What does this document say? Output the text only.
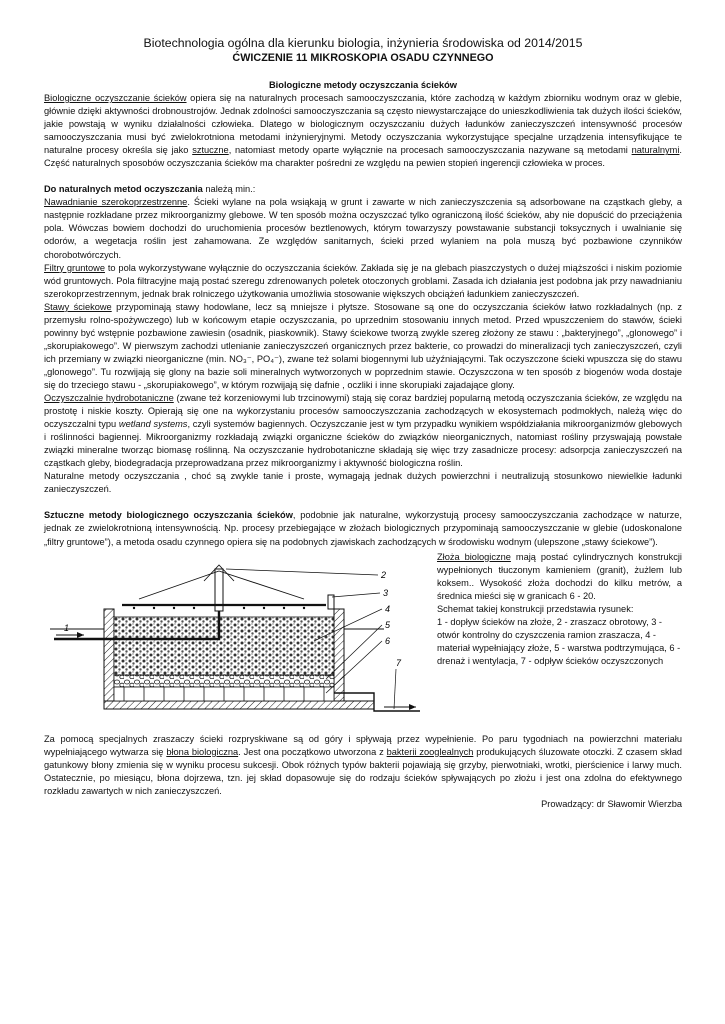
Biotechnologia ogólna dla kierunku biologia, inżynieria środowiska od 2014/2015
ĆWICZENIE 11 MIKROSKOPIA OSADU CZYNNEGO
Biologiczne metody oczyszczania ścieków

Biologiczne oczyszczanie ścieków opiera się na naturalnych procesach samooczyszczania, które zachodzą w każdym zbiorniku wodnym oraz w glebie, głównie dzięki aktywności drobnoustrojów. Jednak zdolności samooczyszczania są często niewystarczające do unieszkodliwienia tak dużych ilości ścieków, jakie powstają w wyniku działalności człowieka. Dlatego w biologicznym oczyszczaniu dużych ładunków zanieczyszczeń intensywność procesów samooczyszczania musi być zwielokrotniona metodami inżynieryjnymi. Metody oczyszczania wykorzystujące specjalne urządzenia intensyfikujące te naturalne procesy określa się jako sztuczne, natomiast metody oparte wyłącznie na procesach samooczyszczania nazywane są metodami naturalnymi. Część naturalnych sposobów oczyszczania ścieków ma charakter pośredni ze względu na pewien stopień ingerencji człowieka w proces.

Do naturalnych metod oczyszczania należą min.:

Nawadnianie szerokoprzestrzenne. Ścieki wylane na pola wsiąkają w grunt i zawarte w nich zanieczyszczenia są adsorbowane na cząstkach gleby, a następnie rozkładane przez mikroorganizmy glebowe. W ten sposób można oczyszczać tylko ograniczoną ilość ścieków, aby nie dopuścić do przeciążenia pola. Wówczas bowiem dochodzi do uruchomienia procesów beztlenowych, którym towarzyszy powstawanie substancji toksycznych i uwalnianie się odorów, a wegetacja roślin jest zahamowana. Ze względów sanitarnych, ścieki przed wylaniem na pola muszą być pozbawione czynników chorobotwórczych.

Filtry gruntowe to pola wykorzystywane wyłącznie do oczyszczania ścieków. Zakłada się je na glebach piaszczystych o dużej miąższości i niskim poziomie wód gruntowych. Pola filtracyjne mają postać szeregu zdrenowanych poletek otoczonych groblami. Zasada ich działania jest podobna jak przy nawadnianiu szerokoprzestrzennym, jednak brak rolniczego użytkowania umożliwia stosowanie większych obciążeń ładunkiem zanieczyszczeń.

Stawy ściekowe przypominają stawy hodowlane, lecz są mniejsze i płytsze. Stosowane są one do oczyszczania ścieków łatwo rozkładalnych (np. z przemysłu rolno-spożywczego) lub w końcowym etapie oczyszczania, po uprzednim stosowaniu innych metod. Przed wpuszczeniem do stawów, ścieki powinny być wstępnie pozbawione zawiesin (osadnik, piaskownik). Stawy ściekowe tworzą zwykle szereg złożony ze stawu : „bakteryjnego”, „glonowego” i „skorupiakowego”. W pierwszym zachodzi utlenianie zanieczyszczeń organicznych przez bakterie, co prowadzi do mineralizacji tych zanieczyszczeń, czyli ich przemiany w związki nieorganiczne (min. NO₃⁻, PO₄⁻), zwane też solami biogennymi lub użyźniającymi. Tak oczyszczone ścieki wpuszcza się do stawu „glonowego”. Tu rozwijają się glony na bazie soli mineralnych wytworzonych w poprzednim stawie. Oczyszczona w ten sposób z biogenów woda dostaje się do trzeciego stawu - „skorupiakowego”, w którym rozwijają się dafnie , oczliki i inne skorupiaki zajadające glony.

Oczyszczalnie hydrobotaniczne (zwane też korzeniowymi lub trzcinowymi) stają się coraz bardziej popularną metodą oczyszczania ścieków, ze względu na prostotę i niskie koszty. Opierają się one na wykorzystaniu procesów samooczyszczania zachodzących w ekosystemach podmokłych, należą więc do oczyszczalni typu wetland systems, czyli systemów bagiennych. Oczyszczanie jest w tym przypadku wynikiem współdziałania mikroorganizmów glebowych i roślinności bagiennej. Mikroorganizmy rozkładają związki organiczne ścieków do związków nieorganicznych, natomiast rośliny przyswajają powstałe związki mineralne tworząc biomasę roślinną. Na oczyszczanie hydrobotaniczne składają się więc trzy zasadnicze procesy: adsorpcja zanieczyszczeń na cząstkach gleby, biodegradacja przeprowadzana przez mikroorganizmy i aktywność biologiczna roślin.

Naturalne metody oczyszczania , choć są zwykle tanie i proste, wymagają jednak dużych powierzchni i neutralizują stosunkowo niewielkie ładunki zanieczyszczeń.

Sztuczne metody biologicznego oczyszczania ścieków, podobnie jak naturalne, wykorzystują procesy samooczyszczania zachodzące w naturze, jednak ze zwielokrotnioną intensywnością. Np. procesy przebiegające w złożach biologicznych przypominają samooczyszczanie w glebie (udoskonalone „filtry gruntowe”), a metoda osadu czynnego opiera się na podobnych zjawiskach zachodzących w środowisku wodnym (ulepszone „stawy ściekowe”).

1
2
3
4
5
6
7

Złoża biologiczne mają postać cylindrycznych konstrukcji wypełnionych tłuczonym kamieniem (granit), żużlem lub koksem.. Wysokość złoża dochodzi do kilku metrów, a średnica mieści się w granicach 6 - 20.

Schemat takiej konstrukcji przedstawia rysunek:

1 - dopływ ścieków na złoże, 2 - zraszacz obrotowy, 3 - otwór kontrolny do czyszczenia ramion zraszacza, 4 - materiał wypełniający złoże, 5 - warstwa podtrzymująca, 6 - drenaż i wentylacja, 7 - odpływ ścieków oczyszczonych

Za pomocą specjalnych zraszaczy ścieki rozpryskiwane są od góry i spływają przez wypełnienie. Po paru tygodniach na powierzchni materiału wypełniającego wytwarza się błona biologiczna. Jest ona początkowo utworzona z bakterii zooglealnych produkujących śluzowate otoczki. Z czasem skład gatunkowy błony zmienia się w wyniku procesu sukcesji. Obok różnych typów bakterii pojawiają się grzyby, pierwotniaki, wrotki, pierścienice i larwy much. Ostatecznie, po miesiącu, błona dojrzewa, tzn. jej skład dopasowuje się do rodzaju ścieków spływających po złożu i jest ona zdolna do efektywnego rozkładu zawartych w nich zanieczyszczeń.

Prowadzący: dr Sławomir Wierzba
